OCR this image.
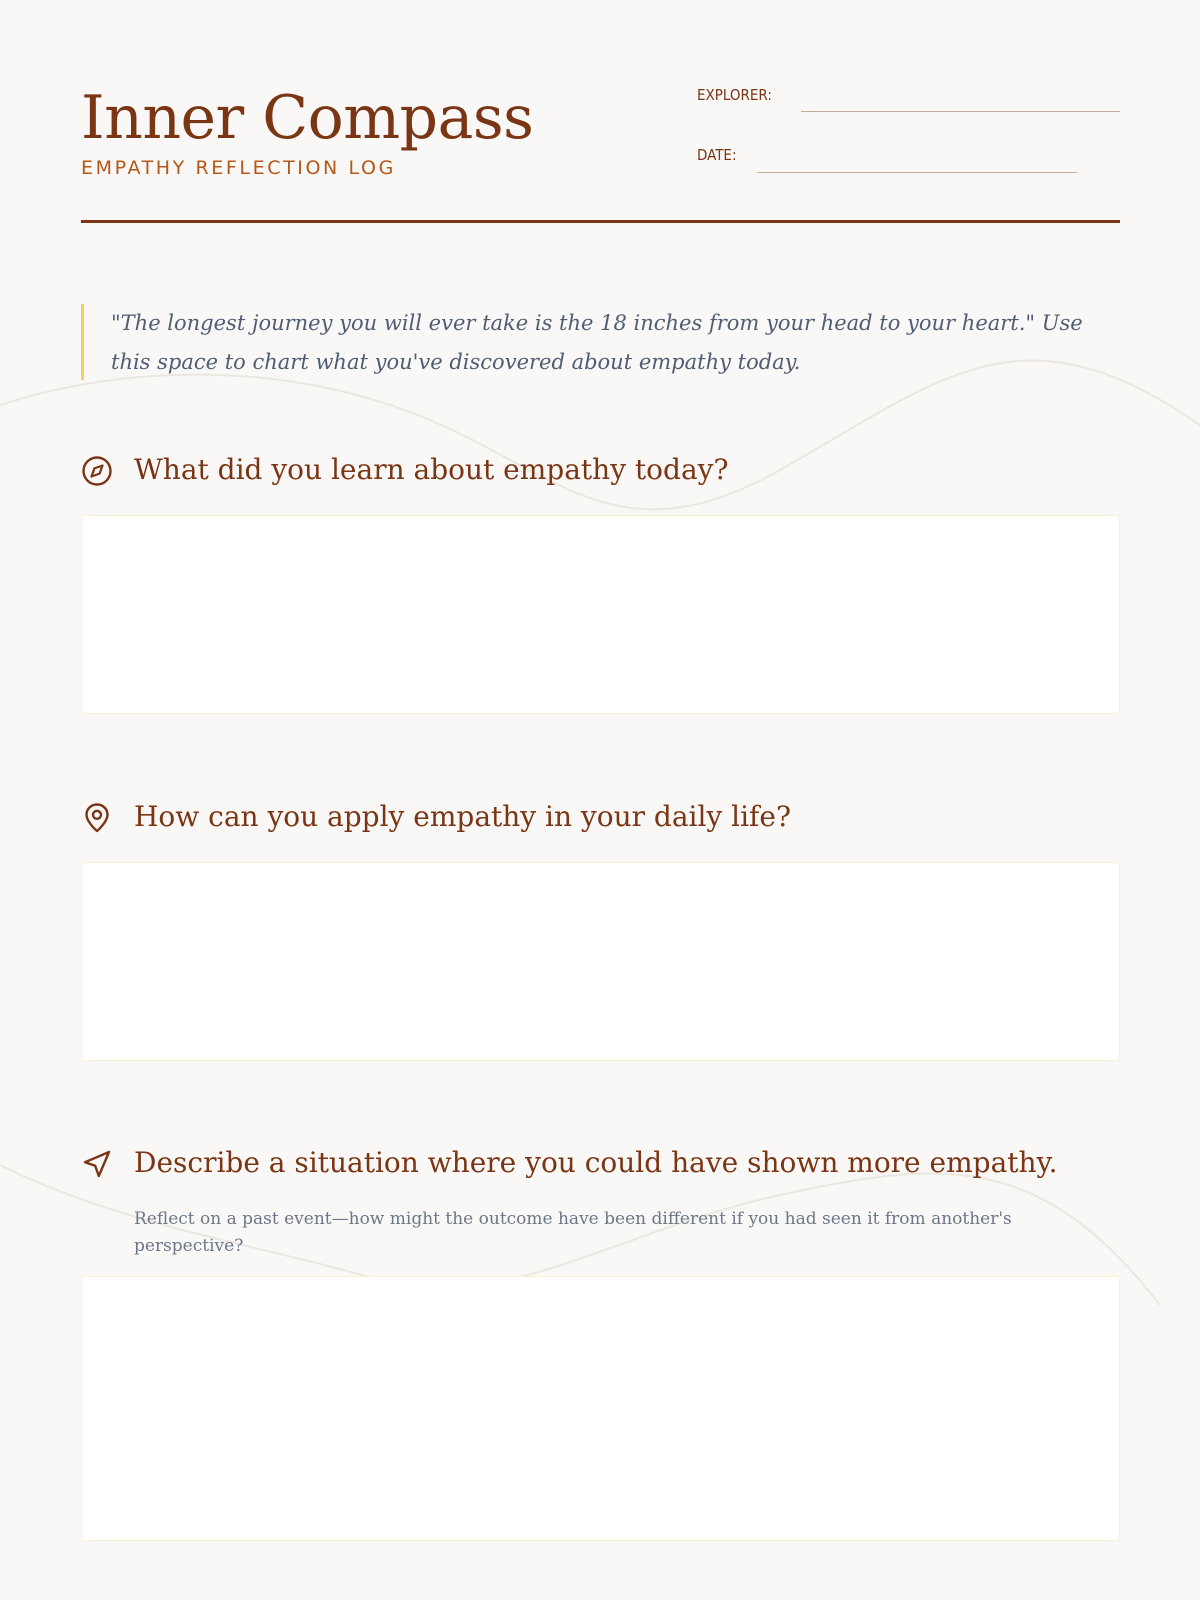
Inner Compass
EMPATHY REFLECTION LOG
EXPLORER:
DATE:
"The longest journey you will ever take is the 18 inches from your head to your heart." Use this space to chart what you've discovered about empathy today.
What did you learn about empathy today?
How can you apply empathy in your daily life?
Describe a situation where you could have shown more empathy.
Reflect on a past event—how might the outcome have been different if you had seen it from another's perspective?
